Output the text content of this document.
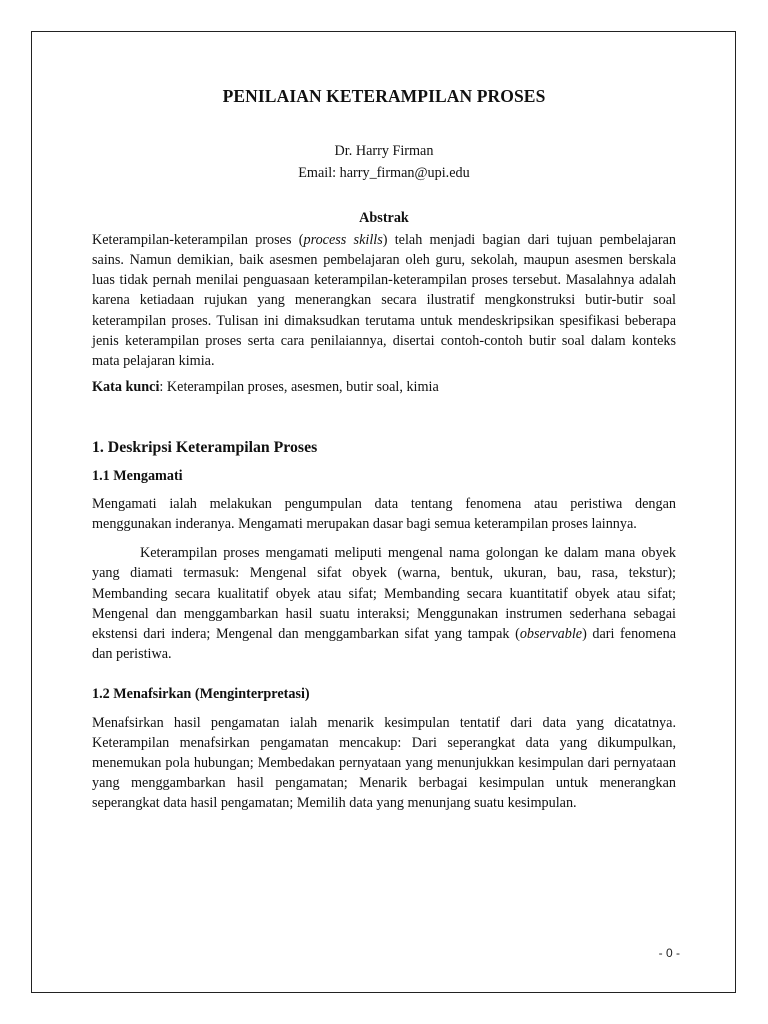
PENILAIAN KETERAMPILAN PROSES
Dr. Harry Firman
Email: harry_firman@upi.edu
Abstrak

Keterampilan-keterampilan proses (process skills) telah menjadi bagian dari tujuan pembelajaran sains. Namun demikian, baik asesmen pembelajaran oleh guru, sekolah, maupun asesmen berskala luas tidak pernah menilai penguasaan keterampilan-keterampilan proses tersebut. Masalahnya adalah karena ketiadaan rujukan yang menerangkan secara ilustratif mengkonstruksi butir-butir soal keterampilan proses. Tulisan ini dimaksudkan terutama untuk mendeskripsikan spesifikasi beberapa jenis keterampilan proses serta cara penilaiannya, disertai contoh-contoh butir soal dalam konteks mata pelajaran kimia.

Kata kunci: Keterampilan proses, asesmen, butir soal, kimia

1. Deskripsi Keterampilan Proses
1.1 Mengamati

Mengamati ialah melakukan pengumpulan data tentang fenomena atau peristiwa dengan menggunakan inderanya. Mengamati merupakan dasar bagi semua keterampilan proses lainnya.

Keterampilan proses mengamati meliputi mengenal nama golongan ke dalam mana obyek yang diamati termasuk: Mengenal sifat obyek (warna, bentuk, ukuran, bau, rasa, tekstur); Membanding secara kualitatif obyek atau sifat; Membanding secara kuantitatif obyek atau sifat; Mengenal dan menggambarkan hasil suatu interaksi; Menggunakan instrumen sederhana sebagai ekstensi dari indera; Mengenal dan menggambarkan sifat yang tampak (observable) dari fenomena dan peristiwa.

1.2 Menafsirkan (Menginterpretasi)

Menafsirkan hasil pengamatan ialah menarik kesimpulan tentatif dari data yang dicatatnya. Keterampilan menafsirkan pengamatan mencakup: Dari seperangkat data yang dikumpulkan, menemukan pola hubungan; Membedakan pernyataan yang menunjukkan kesimpulan dari pernyataan yang menggambarkan hasil pengamatan; Menarik berbagai kesimpulan untuk menerangkan seperangkat data hasil pengamatan; Memilih data yang menunjang suatu kesimpulan.

- 0 -
